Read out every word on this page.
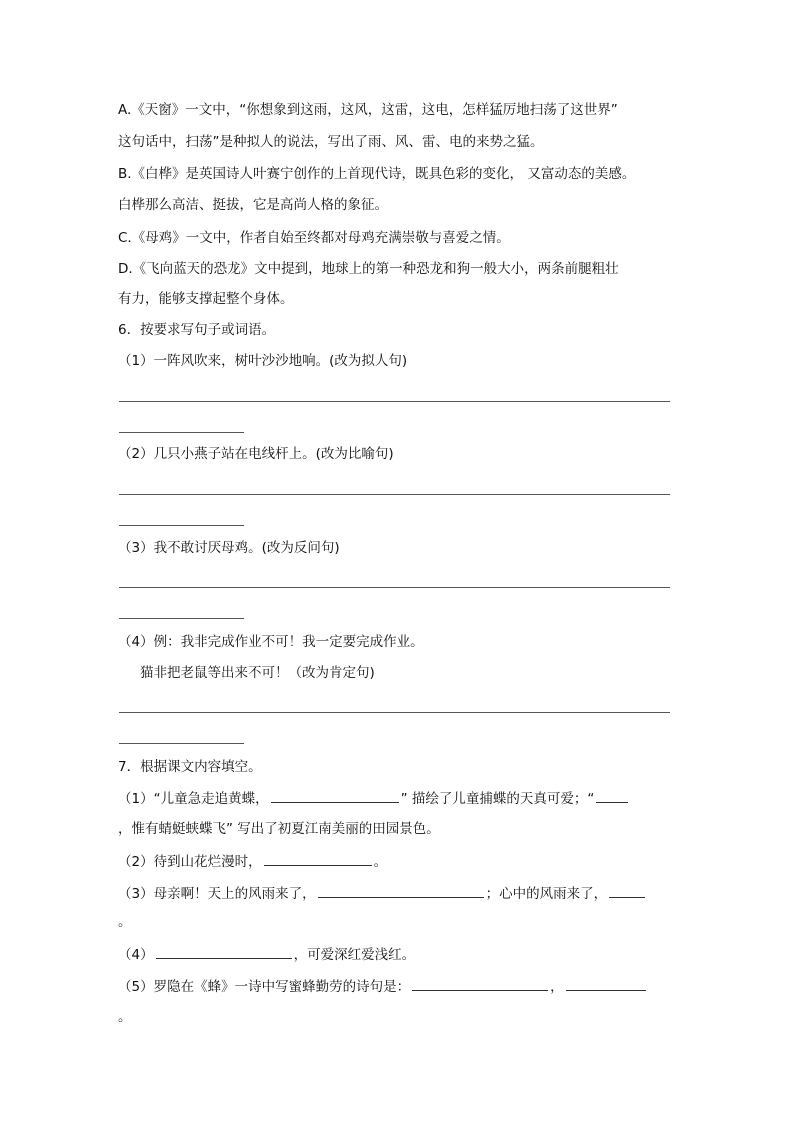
A.《天窗》一文中，“你想象到这雨，这风，这雷，这电，怎样猛厉地扫荡了这世界”
这句话中，扫荡”是种拟人的说法，写出了雨、风、雷、电的来势之猛。
B.《白桦》是英国诗人叶赛宁创作的上首现代诗，既具色彩的变化， 又富动态的美感。
白桦那么高洁、挺拔，它是高尚人格的象征。
C.《母鸡》一文中，作者自始至终都对母鸡充满崇敬与喜爱之情。
D.《飞向蓝天的恐龙》文中提到，地球上的第一种恐龙和狗一般大小，两条前腿粗壮
有力，能够支撑起整个身体。
6．按要求写句子或词语。
（1）一阵风吹来，树叶沙沙地响。(改为拟人句)
（2）几只小燕子站在电线杆上。(改为比喻句)
（3）我不敢讨厌母鸡。(改为反问句)
（4）例：我非完成作业不可！我一定要完成作业。
猫非把老鼠等出来不可！（改为肯定句)
7．根据课文内容填空。
（1）“儿童急走追黄蝶，	” 描绘了儿童捕蝶的天真可爱；“
，惟有蜻蜓蛱蝶飞” 写出了初夏江南美丽的田园景色。
（2）待到山花烂漫时，	。
（3）母亲啊！天上的风雨来了，	；心中的风雨来了，
。
（4）	，可爱深红爱浅红。
（5）罗隐在《蜂》一诗中写蜜蜂勤劳的诗句是：	，
。
